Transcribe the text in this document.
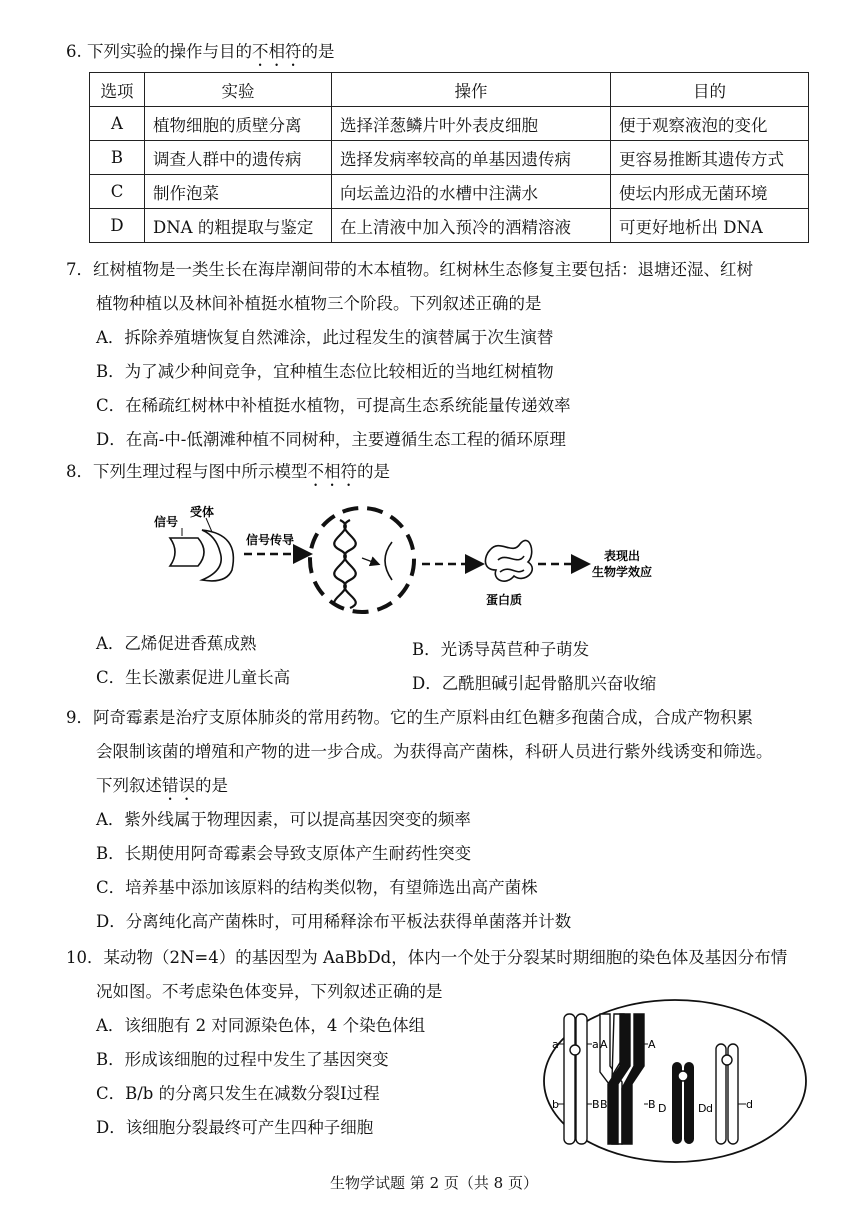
6. 下列实验的操作与目的不相符的是
选项	实验	操作	目的
A	植物细胞的质壁分离	选择洋葱鳞片叶外表皮细胞	便于观察液泡的变化
B	调查人群中的遗传病	选择发病率较高的单基因遗传病	更容易推断其遗传方式
C	制作泡菜	向坛盖边沿的水槽中注满水	使坛内形成无菌环境
D	DNA 的粗提取与鉴定	在上清液中加入预冷的酒精溶液	可更好地析出 DNA
7．红树植物是一类生长在海岸潮间带的木本植物。红树林生态修复主要包括：退塘还湿、红树
植物种植以及林间补植挺水植物三个阶段。下列叙述正确的是
A．拆除养殖塘恢复自然滩涂，此过程发生的演替属于次生演替
B．为了减少种间竞争，宜种植生态位比较相近的当地红树植物
C．在稀疏红树林中补植挺水植物，可提高生态系统能量传递效率
D．在高-中-低潮滩种植不同树种，主要遵循生态工程的循环原理
8．下列生理过程与图中所示模型不相符的是
信号
受体
信号传导
蛋白质
表现出
生物学效应
A．乙烯促进香蕉成熟	B．光诱导莴苣种子萌发
C．生长激素促进儿童长高	D．乙酰胆碱引起骨骼肌兴奋收缩
9．阿奇霉素是治疗支原体肺炎的常用药物。它的生产原料由红色糖多孢菌合成，合成产物积累
会限制该菌的增殖和产物的进一步合成。为获得高产菌株，科研人员进行紫外线诱变和筛选。
下列叙述错误的是
A．紫外线属于物理因素，可以提高基因突变的频率
B．长期使用阿奇霉素会导致支原体产生耐药性突变
C．培养基中添加该原料的结构类似物，有望筛选出高产菌株
D．分离纯化高产菌株时，可用稀释涂布平板法获得单菌落并计数
10．某动物（2N=4）的基因型为 AaBbDd，体内一个处于分裂某时期细胞的染色体及基因分布情
况如图。不考虑染色体变异，下列叙述正确的是
A．该细胞有 2 对同源染色体，4 个染色体组
B．形成该细胞的过程中发生了基因突变
C．B/b 的分离只发生在减数分裂Ⅰ过程
D．该细胞分裂最终可产生四种子细胞
a	a A	A
b	B B	B D	D d	d
生物学试题 第 2 页（共 8 页）
